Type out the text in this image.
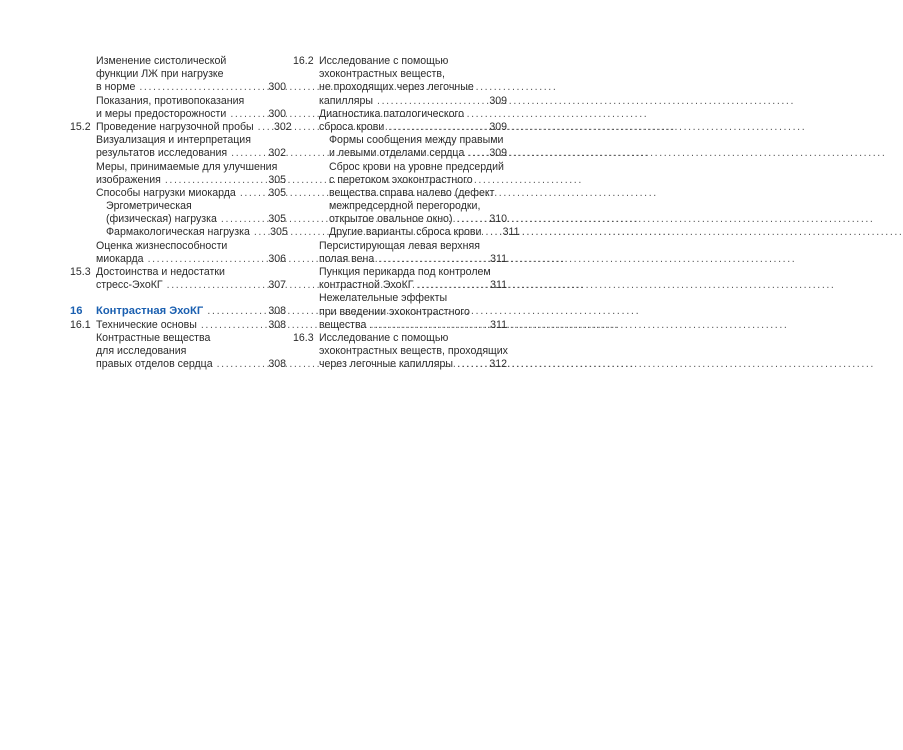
Изменение систолической
функции ЛЖ при нагрузке
в норме .....	300
Показания, противопоказания
и меры предосторожности .....	300
15.2 Проведение нагрузочной пробы .....	302
Визуализация и интерпретация
результатов исследования .....	302
Меры, принимаемые для улучшения
изображения .....	305
Способы нагрузки миокарда .....	305
Эргометрическая
(физическая) нагрузка .....	305
Фармакологическая нагрузка .....	305
Оценка жизнеспособности
миокарда .....	306
15.3 Достоинства и недостатки
стресс-ЭхоКГ .....	307
16	Контрастная ЭхоКГ .....	308
16.1 Технические основы .....	308
Контрастные вещества
для исследования
правых отделов сердца .....	308
16.2 Исследование с помощью
эхоконтрастных веществ,
не проходящих через легочные
капилляры .....	309
Диагностика патологического
сброса крови .....	309
Формы сообщения между правыми
и левыми отделами сердца .....	309
Сброс крови на уровне предсердий
с перетоком эхоконтрастного
вещества справа налево (дефект
межпредсердной перегородки,
открытое овальное окно) .....	310
Другие варианты сброса крови .....	311
Персистирующая левая верхняя
полая вена .....	311
Пункция перикарда под контролем
контрастной ЭхоКГ .....	311
Нежелательные эффекты
при введении эхоконтрастного
вещества .....	311
16.3 Исследование с помощью
эхоконтрастных веществ, проходящих
через легочные капилляры .....	312
